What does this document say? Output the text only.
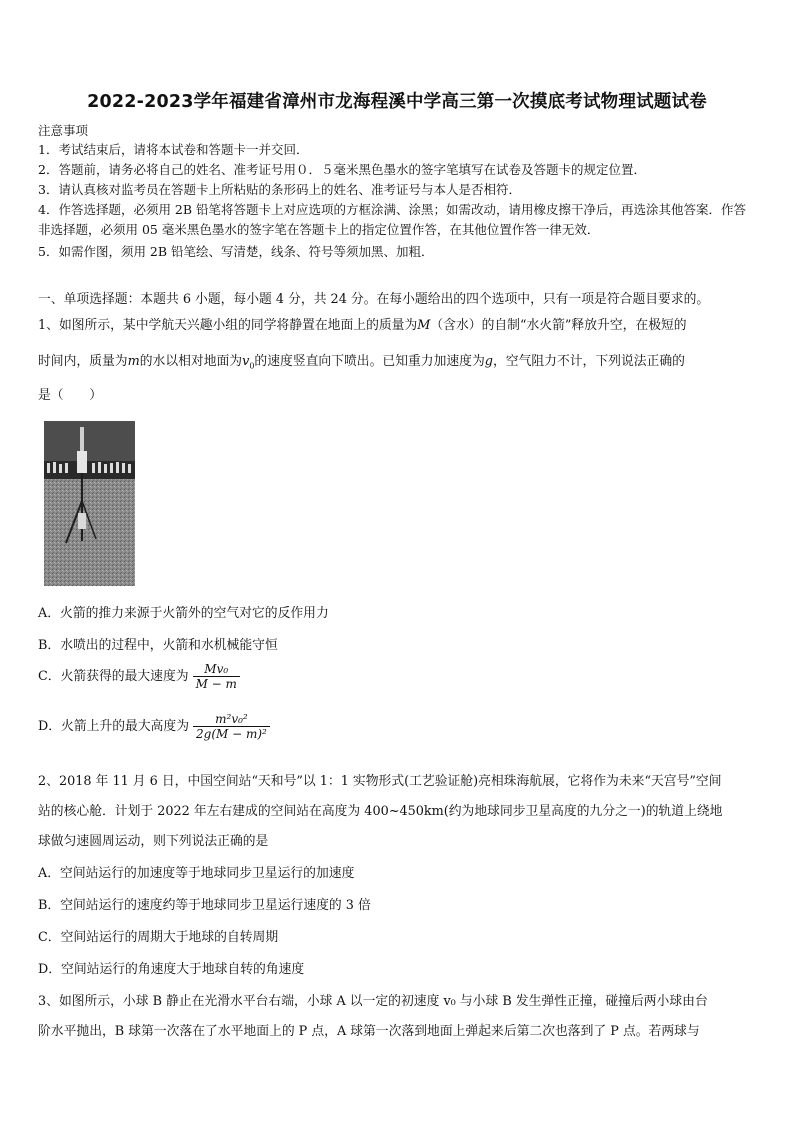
2022-2023学年福建省漳州市龙海程溪中学高三第一次摸底考试物理试题试卷
注意事项
1．考试结束后，请将本试卷和答题卡一并交回．
2．答题前，请务必将自己的姓名、准考证号用０．５毫米黑色墨水的签字笔填写在试卷及答题卡的规定位置．
3．请认真核对监考员在答题卡上所粘贴的条形码上的姓名、准考证号与本人是否相符．
4．作答选择题，必须用 2B 铅笔将答题卡上对应选项的方框涂满、涂黑；如需改动，请用橡皮擦干净后，再选涂其他答案．作答非选择题，必须用 05 毫米黑色墨水的签字笔在答题卡上的指定位置作答，在其他位置作答一律无效．
5．如需作图，须用 2B 铅笔绘、写清楚，线条、符号等须加黑、加粗．
一、单项选择题：本题共 6 小题，每小题 4 分，共 24 分。在每小题给出的四个选项中，只有一项是符合题目要求的。
1、如图所示，某中学航天兴趣小组的同学将静置在地面上的质量为M（含水）的自制“水火箭”释放升空，在极短的
时间内，质量为m的水以相对地面为$v_0$的速度竖直向下喷出。已知重力加速度为g，空气阻力不计，下列说法正确的
是（　　）
A．火箭的推力来源于火箭外的空气对它的反作用力
B．水喷出的过程中，火箭和水机械能守恒
C．火箭获得的最大速度为 $\frac{\text{Mv₀}}{M - m}$
D．火箭上升的最大高度为 $\frac{\text{m²v₀²}}{\text{2g(M − m)²}}$
2、2018 年 11 月 6 日，中国空间站“天和号”以 1：1 实物形式(工艺验证舱)亮相珠海航展，它将作为未来“天宫号”空间
站的核心舱．计划于 2022 年左右建成的空间站在高度为 400~450km(约为地球同步卫星高度的九分之一)的轨道上绕地
球做匀速圆周运动，则下列说法正确的是
A．空间站运行的加速度等于地球同步卫星运行的加速度
B．空间站运行的速度约等于地球同步卫星运行速度的 3 倍
C．空间站运行的周期大于地球的自转周期
D．空间站运行的角速度大于地球自转的角速度
3、如图所示，小球 B 静止在光滑水平台右端，小球 A 以一定的初速度 v₀ 与小球 B 发生弹性正撞，碰撞后两小球由台
阶水平抛出，B 球第一次落在了水平地面上的 P 点，A 球第一次落到地面上弹起来后第二次也落到了 P 点。若两球与
